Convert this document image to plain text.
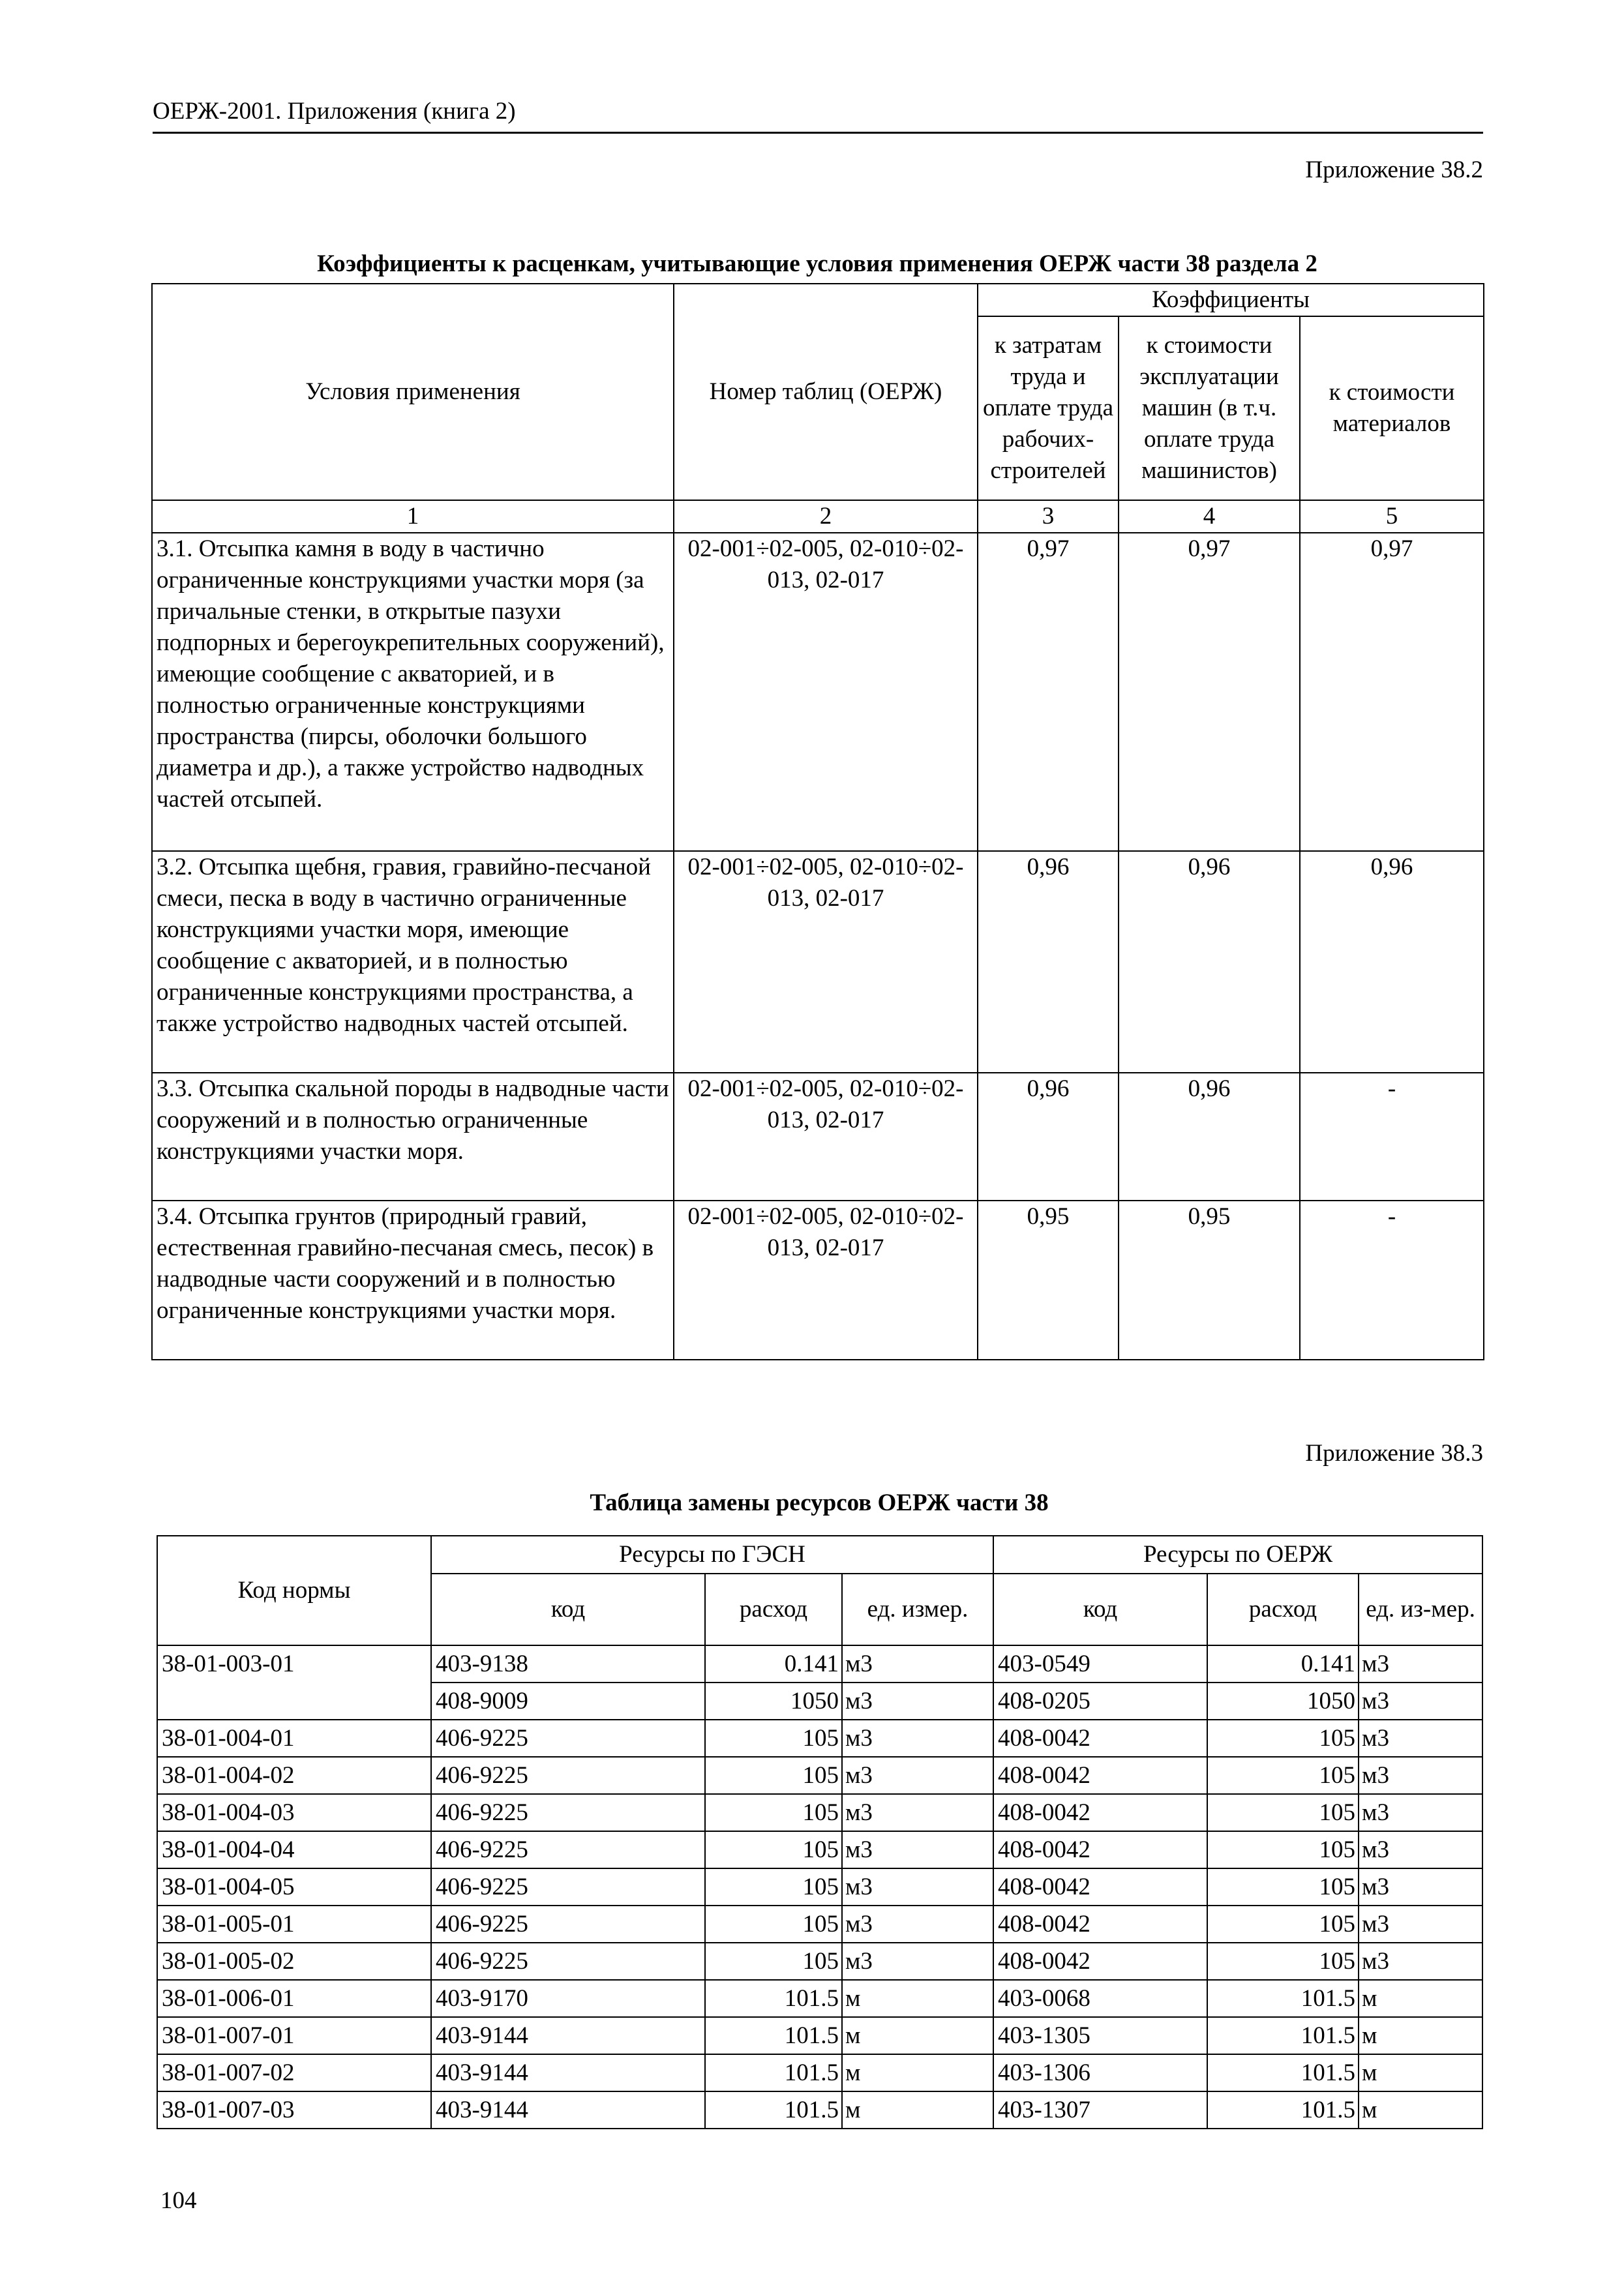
ОЕРЖ-2001. Приложения (книга 2)
Приложение 38.2
Коэффициенты к расценкам, учитывающие условия применения ОЕРЖ части 38 раздела 2
Условия применения	Номер таблиц (ОЕРЖ)	Коэффициенты		
		к затратам труда и оплате труда рабочих-строителей	к стоимости эксплуатации машин (в т.ч. оплате труда машинистов)	к стоимости материалов
1	2	3	4	5
3.1. Отсыпка камня в воду в частично ограниченные конструкциями участки моря (за причальные стенки, в открытые пазухи подпорных и берегоукрепительных сооружений), имеющие сообщение с акваторией, и в полностью ограниченные конструкциями пространства (пирсы, оболочки большого диаметра и др.), а также устройство надводных частей отсыпей.	02-001÷02-005, 02-010÷02-013, 02-017	0,97	0,97	0,97
3.2. Отсыпка щебня, гравия, гравийно-песчаной смеси, песка в воду в частично ограниченные конструкциями участки моря, имеющие сообщение с акваторией, и в полностью ограниченные конструкциями пространства, а также устройство надводных частей отсыпей.	02-001÷02-005, 02-010÷02-013, 02-017	0,96	0,96	0,96
3.3. Отсыпка скальной породы в надводные части сооружений и в полностью ограниченные конструкциями участки моря.	02-001÷02-005, 02-010÷02-013, 02-017	0,96	0,96	-
3.4. Отсыпка грунтов (природный гравий, естественная гравийно-песчаная смесь, песок) в надводные части сооружений и в полностью ограниченные конструкциями участки моря.	02-001÷02-005, 02-010÷02-013, 02-017	0,95	0,95	-
Приложение 38.3
Таблица замены ресурсов ОЕРЖ части 38
Код нормы	Ресурсы по ГЭСН			Ресурсы по ОЕРЖ		
	код	расход	ед. измер.	код	расход	ед. из-мер.
38-01-003-01	403-9138	0.141	м3	403-0549	0.141	м3
	408-9009	1050	м3	408-0205	1050	м3
38-01-004-01	406-9225	105	м3	408-0042	105	м3
38-01-004-02	406-9225	105	м3	408-0042	105	м3
38-01-004-03	406-9225	105	м3	408-0042	105	м3
38-01-004-04	406-9225	105	м3	408-0042	105	м3
38-01-004-05	406-9225	105	м3	408-0042	105	м3
38-01-005-01	406-9225	105	м3	408-0042	105	м3
38-01-005-02	406-9225	105	м3	408-0042	105	м3
38-01-006-01	403-9170	101.5	м	403-0068	101.5	м
38-01-007-01	403-9144	101.5	м	403-1305	101.5	м
38-01-007-02	403-9144	101.5	м	403-1306	101.5	м
38-01-007-03	403-9144	101.5	м	403-1307	101.5	м
104
